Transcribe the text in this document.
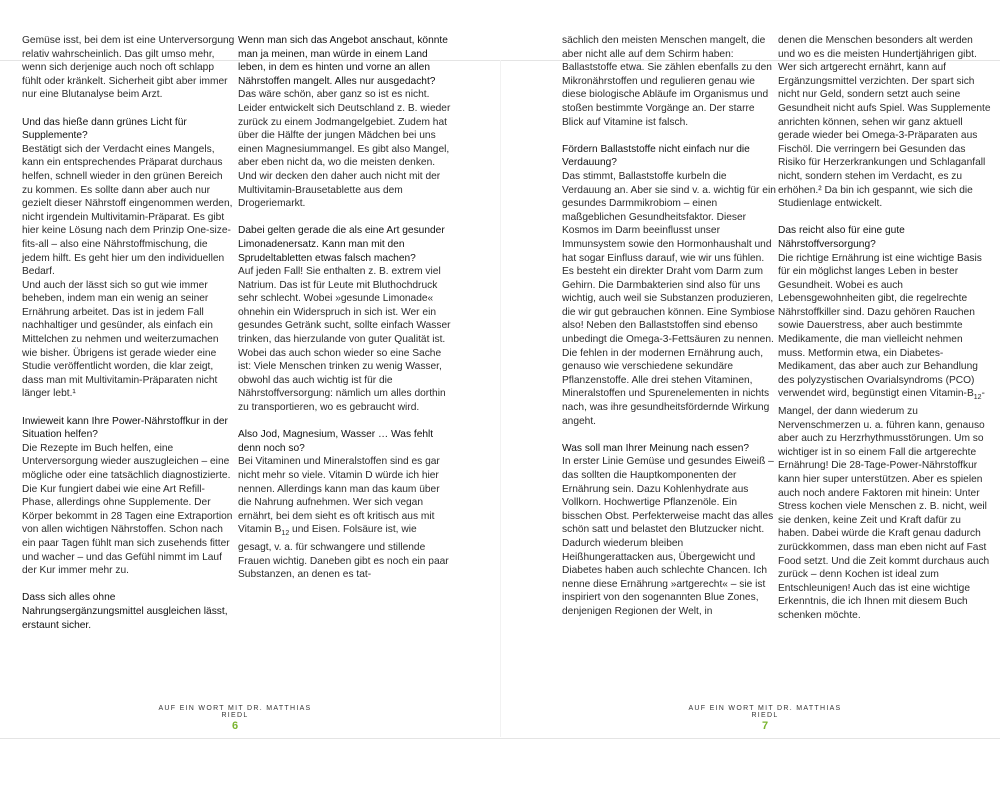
Gemüse isst, bei dem ist eine Unterversorgung relativ wahrscheinlich. Das gilt umso mehr, wenn sich derjenige auch noch oft schlapp fühlt oder kränkelt. Sicherheit gibt aber immer nur eine Blutanalyse beim Arzt.

Und das hieße dann grünes Licht für Supplemente?

Bestätigt sich der Verdacht eines Mangels, kann ein entsprechendes Präparat durchaus helfen, schnell wieder in den grünen Bereich zu kommen. Es sollte dann aber auch nur gezielt dieser Nährstoff eingenommen werden, nicht irgendein Multivitamin-Präparat. Es gibt hier keine Lösung nach dem Prinzip One-size-fits-all – also eine Nährstoffmischung, die jedem hilft. Es geht hier um den individuellen Bedarf.

Und auch der lässt sich so gut wie immer beheben, indem man ein wenig an seiner Ernährung arbeitet. Das ist in jedem Fall nachhaltiger und gesünder, als einfach ein Mittelchen zu nehmen und weiterzumachen wie bisher. Übrigens ist gerade wieder eine Studie veröffentlicht worden, die klar zeigt, dass man mit Multivitamin-Präparaten nicht länger lebt.¹

Inwieweit kann Ihre Power-Nährstoffkur in der Situation helfen?

Die Rezepte im Buch helfen, eine Unterversorgung wieder auszugleichen – eine mögliche oder eine tatsächlich diagnostizierte. Die Kur fungiert dabei wie eine Art Refill-Phase, allerdings ohne Supplemente. Der Körper bekommt in 28 Tagen eine Extraportion von allen wichtigen Nährstoffen. Schon nach ein paar Tagen fühlt man sich zusehends fitter und wacher – und das Gefühl nimmt im Lauf der Kur immer mehr zu.

Dass sich alles ohne Nahrungsergänzungsmittel ausgleichen lässt, erstaunt sicher.

Wenn man sich das Angebot anschaut, könnte man ja meinen, man würde in einem Land leben, in dem es hinten und vorne an allen Nährstoffen mangelt. Alles nur ausgedacht?

Das wäre schön, aber ganz so ist es nicht. Leider entwickelt sich Deutschland z. B. wieder zurück zu einem Jodmangelgebiet. Zudem hat über die Hälfte der jungen Mädchen bei uns einen Magnesiummangel. Es gibt also Mangel, aber eben nicht da, wo die meisten denken. Und wir decken den daher auch nicht mit der Multivitamin-Brausetablette aus dem Drogeriemarkt.

Dabei gelten gerade die als eine Art gesunder Limonadenersatz. Kann man mit den Sprudeltabletten etwas falsch machen?

Auf jeden Fall! Sie enthalten z. B. extrem viel Natrium. Das ist für Leute mit Bluthochdruck sehr schlecht. Wobei »gesunde Limonade« ohnehin ein Widerspruch in sich ist. Wer ein gesundes Getränk sucht, sollte einfach Wasser trinken, das hierzulande von guter Qualität ist. Wobei das auch schon wieder so eine Sache ist: Viele Menschen trinken zu wenig Wasser, obwohl das auch wichtig ist für die Nährstoffversorgung: nämlich um alles dorthin zu transportieren, wo es gebraucht wird.

Also Jod, Magnesium, Wasser … Was fehlt denn noch so?

Bei Vitaminen und Mineralstoffen sind es gar nicht mehr so viele. Vitamin D würde ich hier nennen. Allerdings kann man das kaum über die Nahrung aufnehmen. Wer sich vegan ernährt, bei dem sieht es oft kritisch aus mit Vitamin $B_{12}$ und Eisen. Folsäure ist, wie gesagt, v. a. für schwangere und stillende Frauen wichtig. Daneben gibt es noch ein paar Substanzen, an denen es tat-

sächlich den meisten Menschen mangelt, die aber nicht alle auf dem Schirm haben: Ballaststoffe etwa. Sie zählen ebenfalls zu den Mikronährstoffen und regulieren genau wie diese biologische Abläufe im Organismus und stoßen bestimmte Vorgänge an. Der starre Blick auf Vitamine ist falsch.

Fördern Ballaststoffe nicht einfach nur die Verdauung?

Das stimmt, Ballaststoffe kurbeln die Verdauung an. Aber sie sind v. a. wichtig für ein gesundes Darmmikrobiom – einen maßgeblichen Gesundheitsfaktor. Dieser Kosmos im Darm beeinflusst unser Immunsystem sowie den Hormonhaushalt und hat sogar Einfluss darauf, wie wir uns fühlen. Es besteht ein direkter Draht vom Darm zum Gehirn. Die Darmbakterien sind also für uns wichtig, auch weil sie Substanzen produzieren, die wir gut gebrauchen können. Eine Symbiose also! Neben den Ballaststoffen sind ebenso unbedingt die Omega-3-Fettsäuren zu nennen. Die fehlen in der modernen Ernährung auch, genauso wie verschiedene sekundäre Pflanzenstoffe. Alle drei stehen Vitaminen, Mineralstoffen und Spurenelementen in nichts nach, was ihre gesundheitsfördernde Wirkung angeht.

Was soll man Ihrer Meinung nach essen?

In erster Linie Gemüse und gesundes Eiweiß – das sollten die Hauptkomponenten der Ernährung sein. Dazu Kohlenhydrate aus Vollkorn. Hochwertige Pflanzenöle. Ein bisschen Obst. Perfekterweise macht das alles schön satt und belastet den Blutzucker nicht. Dadurch wiederum bleiben Heißhungerattacken aus, Übergewicht und Diabetes haben auch schlechte Chancen. Ich nenne diese Ernährung »artgerecht« – sie ist inspiriert von den sogenannten Blue Zones, denjenigen Regionen der Welt, in

denen die Menschen besonders alt werden und wo es die meisten Hundertjährigen gibt. Wer sich artgerecht ernährt, kann auf Ergänzungsmittel verzichten. Der spart sich nicht nur Geld, sondern setzt auch seine Gesundheit nicht aufs Spiel. Was Supplemente anrichten können, sehen wir ganz aktuell gerade wieder bei Omega-3-Präparaten aus Fischöl. Die verringern bei Gesunden das Risiko für Herzerkrankungen und Schlaganfall nicht, sondern stehen im Verdacht, es zu erhöhen.² Da bin ich gespannt, wie sich die Studienlage entwickelt.

Das reicht also für eine gute Nährstoffversorgung?

Die richtige Ernährung ist eine wichtige Basis für ein möglichst langes Leben in bester Gesundheit. Wobei es auch Lebensgewohnheiten gibt, die regelrechte Nährstoffkiller sind. Dazu gehören Rauchen sowie Dauerstress, aber auch bestimmte Medikamente, die man vielleicht nehmen muss. Metformin etwa, ein Diabetes-Medikament, das aber auch zur Behandlung des polyzystischen Ovarialsyndroms (PCO) verwendet wird, begünstigt einen Vitamin-$B_{12}$-Mangel, der dann wiederum zu Nervenschmerzen u. a. führen kann, genauso aber auch zu Herzrhythmusstörungen. Um so wichtiger ist in so einem Fall die artgerechte Ernährung! Die 28-Tage-Power-Nährstoffkur kann hier super unterstützen. Aber es spielen auch noch andere Faktoren mit hinein: Unter Stress kochen viele Menschen z. B. nicht, weil sie denken, keine Zeit und Kraft dafür zu haben. Dabei würde die Kraft genau dadurch zurückkommen, dass man eben nicht auf Fast Food setzt. Und die Zeit kommt durchaus auch zurück – denn Kochen ist ideal zum Entschleunigen! Auch das ist eine wichtige Erkenntnis, die ich Ihnen mit diesem Buch schenken möchte.

AUF EIN WORT MIT DR. MATTHIAS RIEDL
6
AUF EIN WORT MIT DR. MATTHIAS RIEDL
7
